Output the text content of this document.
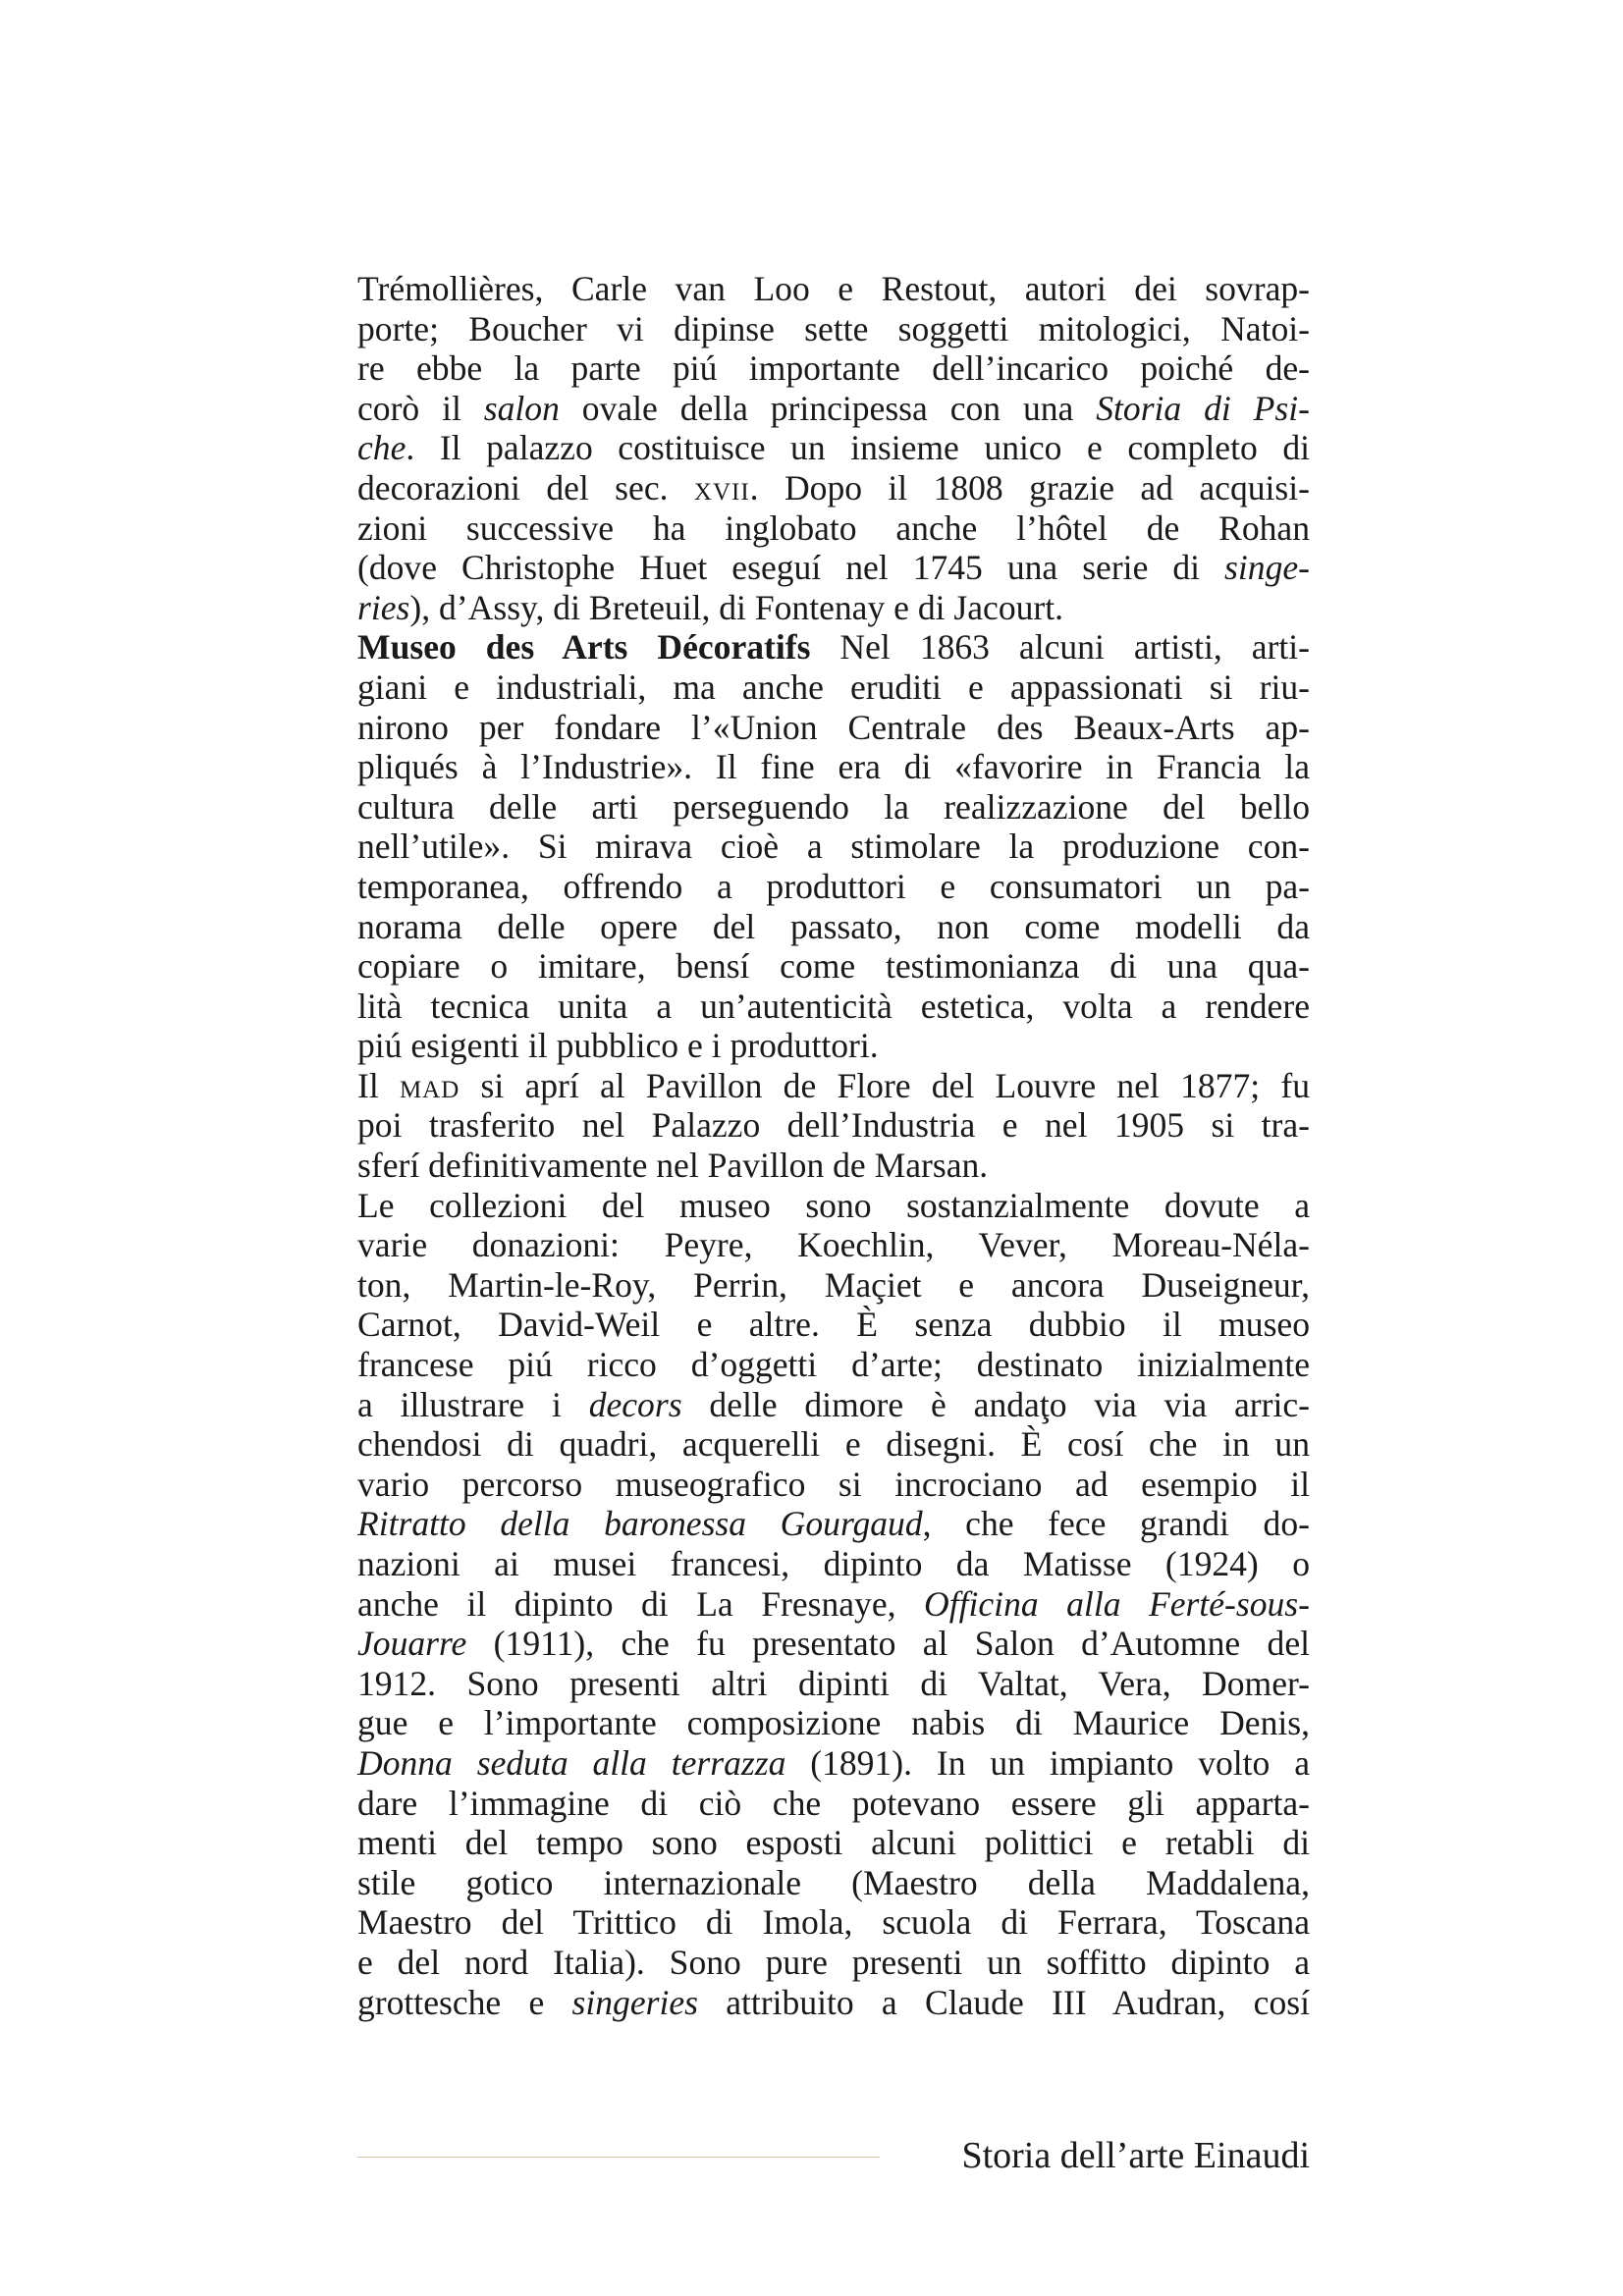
Trémollières, Carle van Loo e Restout, autori dei sovrap-
porte; Boucher vi dipinse sette soggetti mitologici, Natoi-
re ebbe la parte piú importante dell’incarico poiché de-
corò il salon ovale della principessa con una Storia di Psi-
che. Il palazzo costituisce un insieme unico e completo di
decorazioni del sec. xvii. Dopo il 1808 grazie ad acquisi-
zioni successive ha inglobato anche l’hôtel de Rohan
(dove Christophe Huet eseguí nel 1745 una serie di singe-
ries), d’Assy, di Breteuil, di Fontenay e di Jacourt.

Museo des Arts Décoratifs Nel 1863 alcuni artisti, arti-
giani e industriali, ma anche eruditi e appassionati si riu-
nirono per fondare l’«Union Centrale des Beaux-Arts ap-
pliqués à l’Industrie». Il fine era di «favorire in Francia la
cultura delle arti perseguendo la realizzazione del bello
nell’utile». Si mirava cioè a stimolare la produzione con-
temporanea, offrendo a produttori e consumatori un pa-
norama delle opere del passato, non come modelli da
copiare o imitare, bensí come testimonianza di una qua-
lità tecnica unita a un’autenticità estetica, volta a rendere
piú esigenti il pubblico e i produttori.

Il mad si aprí al Pavillon de Flore del Louvre nel 1877; fu
poi trasferito nel Palazzo dell’Industria e nel 1905 si tra-
sferí definitivamente nel Pavillon de Marsan.

Le collezioni del museo sono sostanzialmente dovute a
varie donazioni: Peyre, Koechlin, Vever, Moreau-Néla-
ton, Martin-le-Roy, Perrin, Maçiet e ancora Duseigneur,
Carnot, David-Weil e altre. È senza dubbio il museo
francese piú ricco d’oggetti d’arte; destinato inizialmente
a illustrare i decors delle dimore è andaţo via via arric-
chendosi di quadri, acquerelli e disegni. È cosí che in un
vario percorso museografico si incrociano ad esempio il
Ritratto della baronessa Gourgaud, che fece grandi do-
nazioni ai musei francesi, dipinto da Matisse (1924) o
anche il dipinto di La Fresnaye, Officina alla Ferté-sous-
Jouarre (1911), che fu presentato al Salon d’Automne del
1912. Sono presenti altri dipinti di Valtat, Vera, Domer-
gue e l’importante composizione nabis di Maurice Denis,
Donna seduta alla terrazza (1891). In un impianto volto a
dare l’immagine di ciò che potevano essere gli apparta-
menti del tempo sono esposti alcuni polittici e retabli di
stile gotico internazionale (Maestro della Maddalena,
Maestro del Trittico di Imola, scuola di Ferrara, Toscana
e del nord Italia). Sono pure presenti un soffitto dipinto a
grottesche e singeries attribuito a Claude III Audran, cosí

Storia dell’arte Einaudi
